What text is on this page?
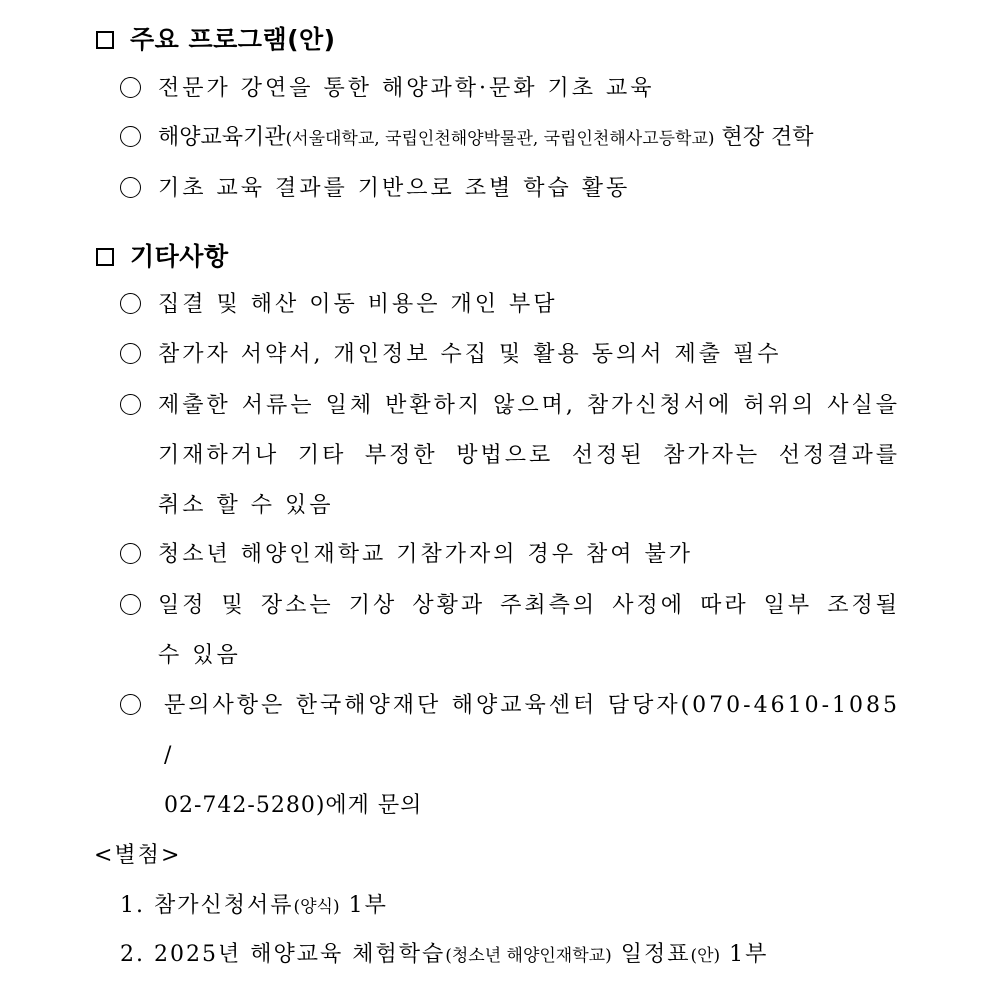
주요 프로그램(안)
전문가 강연을 통한 해양과학·문화 기초 교육
해양교육기관(서울대학교, 국립인천해양박물관, 국립인천해사고등학교) 현장 견학
기초 교육 결과를 기반으로 조별 학습 활동
기타사항
집결 및 해산 이동 비용은 개인 부담
참가자 서약서, 개인정보 수집 및 활용 동의서 제출 필수
제출한 서류는 일체 반환하지 않으며, 참가신청서에 허위의 사실을
기재하거나 기타 부정한 방법으로 선정된 참가자는 선정결과를
취소 할 수 있음
청소년 해양인재학교 기참가자의 경우 참여 불가
일정 및 장소는 기상 상황과 주최측의 사정에 따라 일부 조정될
수 있음
문의사항은 한국해양재단 해양교육센터 담당자(070-4610-1085 /
02-742-5280)에게 문의
<별첨>
1. 참가신청서류(양식) 1부
2. 2025년 해양교육 체험학습(청소년 해양인재학교) 일정표(안) 1부
